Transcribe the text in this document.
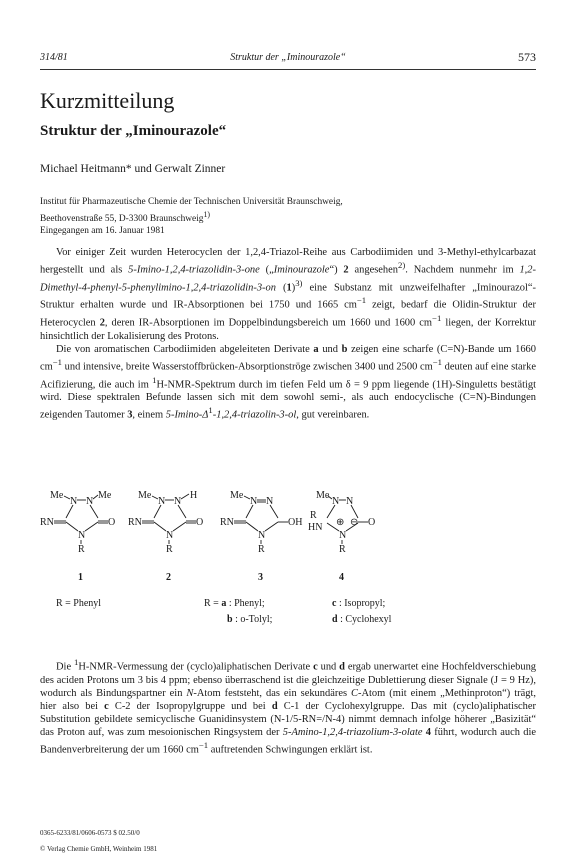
314/81	Struktur der „Iminourazole“	573
Kurzmitteilung
Struktur der „Iminourazole“
Michael Heitmann* und Gerwalt Zinner
Institut für Pharmazeutische Chemie der Technischen Universität Braunschweig,
Beethovenstraße 55, D-3300 Braunschweig$^{1)}$
Eingegangen am 16. Januar 1981

Vor einiger Zeit wurden Heterocyclen der 1,2,4-Triazol-Reihe aus Carbodiimiden und 3-Methyl-ethylcarbazat hergestellt und als 5-Imino-1,2,4-triazolidin-3-one („Iminourazole“) 2 angesehen$^{2)}$. Nachdem nunmehr im 1,2-Dimethyl-4-phenyl-5-phenylimino-1,2,4-triazolidin-3-on $(1)^{3)}$ eine Substanz mit unzweifelhafter „Iminourazol“-Struktur erhalten wurde und IR-Absorptionen bei 1750 und 1665 $cm^{-1}$ zeigt, bedarf die Olidin-Struktur der Heterocyclen 2, deren IR-Absorptionen im Doppelbindungsbereich um 1660 und 1600 $cm^{-1}$ liegen, der Korrektur hinsichtlich der Lokalisierung des Protons.

Die von aromatischen Carbodiimiden abgeleiteten Derivate a und b zeigen eine scharfe (C=N)-Bande um 1660 $cm^{-1}$ und intensive, breite Wasserstoffbrücken-Absorptionströge zwischen 3400 und 2500 $cm^{-1}$ deuten auf eine starke Acifizierung, die auch im $^1$H-NMR-Spektrum durch im tiefen Feld um δ = 9 ppm liegende (1H)-Singuletts bestätigt wird. Diese spektralen Befunde lassen sich mit dem sowohl semi-, als auch endocyclische (C=N)-Bindungen zeigenden Tautomer 3, einem $5-Imino-\Delta^1-1,2,4-triazolin-3-ol$, gut vereinbaren.

Me
N N
Me
RN	O
N
R
Me
N N
H
RN	O
N
R
Me
N N
RN	OH
N
R
Me
N N
R
HN ⊕ ⊖ O
N
R
1	2	3	4
R = Phenyl	R = a : Phenyl;
b : o-Tolyl;
c : Isopropyl;
d : Cyclohexyl

Die $^1$H-NMR-Vermessung der (cyclo)aliphatischen Derivate c und d ergab unerwartet eine Hochfeldverschiebung des aciden Protons um 3 bis 4 ppm; ebenso überraschend ist die gleichzeitige Dublettierung dieser Signale (J = 9 Hz), wodurch als Bindungspartner ein N-Atom feststeht, das ein sekundäres C-Atom (mit einem „Methinproton“) trägt, hier also bei c C-2 der Isopropylgruppe und bei d C-1 der Cyclohexylgruppe. Das mit (cyclo)aliphatischer Substitution gebildete semicyclische Guanidinsystem (N-1/5-RN=/N-4) nimmt demnach infolge höherer „Basizität“ das Proton auf, was zum mesoionischen Ringsystem der 5-Amino-1,2,4-triazolium-3-olate 4 führt, wodurch auch die Bandenverbreiterung der um 1660 $cm^{-1}$ auftretenden Schwingungen erklärt ist.

0365-6233/81/0606-0573 $ 02.50/0
© Verlag Chemie GmbH, Weinheim 1981
